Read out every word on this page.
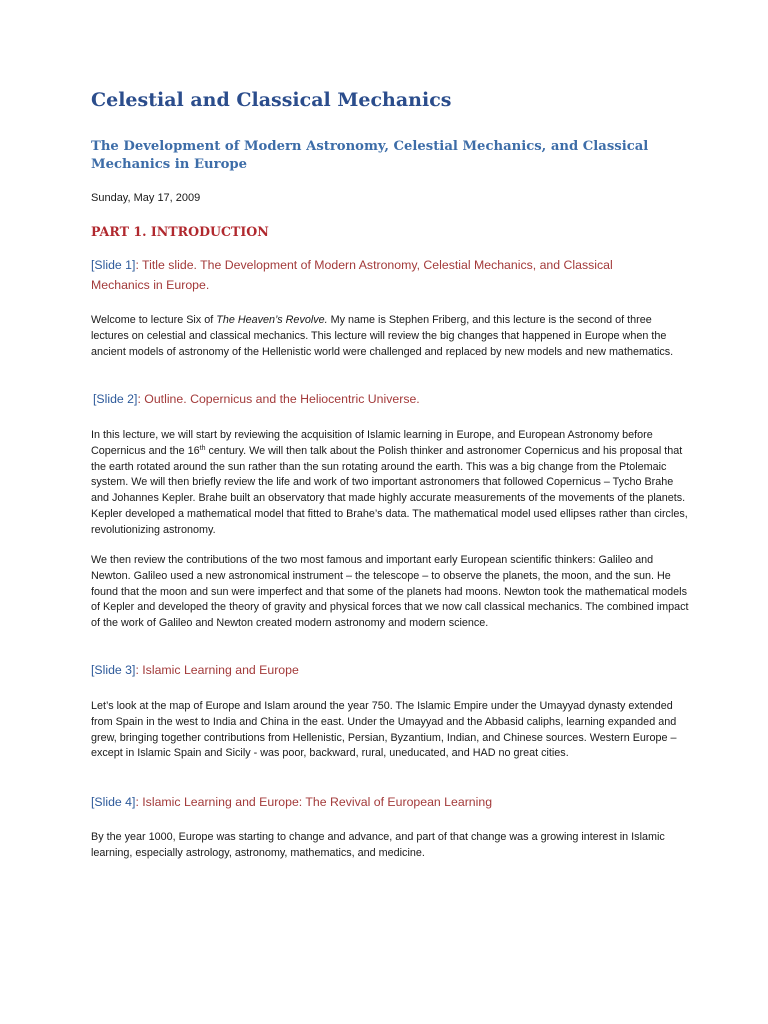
Celestial and Classical Mechanics
The Development of Modern Astronomy, Celestial Mechanics, and Classical Mechanics in Europe
Sunday, May 17, 2009
PART 1. INTRODUCTION

[Slide 1]: Title slide. The Development of Modern Astronomy, Celestial Mechanics, and Classical Mechanics in Europe.

Welcome to lecture Six of The Heaven’s Revolve. My name is Stephen Friberg, and this lecture is the second of three lectures on celestial and classical mechanics. This lecture will review the big changes that happened in Europe when the ancient models of astronomy of the Hellenistic world were challenged and replaced by new models and new mathematics.

[Slide 2]: Outline. Copernicus and the Heliocentric Universe.

In this lecture, we will start by reviewing the acquisition of Islamic learning in Europe, and European Astronomy before Copernicus and the 16th century. We will then talk about the Polish thinker and astronomer Copernicus and his proposal that the earth rotated around the sun rather than the sun rotating around the earth. This was a big change from the Ptolemaic system. We will then briefly review the life and work of two important astronomers that followed Copernicus – Tycho Brahe and Johannes Kepler. Brahe built an observatory that made highly accurate measurements of the movements of the planets. Kepler developed a mathematical model that fitted to Brahe’s data. The mathematical model used ellipses rather than circles, revolutionizing astronomy.

We then review the contributions of the two most famous and important early European scientific thinkers: Galileo and Newton. Galileo used a new astronomical instrument – the telescope – to observe the planets, the moon, and the sun. He found that the moon and sun were imperfect and that some of the planets had moons. Newton took the mathematical models of Kepler and developed the theory of gravity and physical forces that we now call classical mechanics. The combined impact of the work of Galileo and Newton created modern astronomy and modern science.

[Slide 3]: Islamic Learning and Europe

Let’s look at the map of Europe and Islam around the year 750. The Islamic Empire under the Umayyad dynasty extended from Spain in the west to India and China in the east. Under the Umayyad and the Abbasid caliphs, learning expanded and grew, bringing together contributions from Hellenistic, Persian, Byzantium, Indian, and Chinese sources. Western Europe – except in Islamic Spain and Sicily - was poor, backward, rural, uneducated, and HAD no great cities.

[Slide 4]: Islamic Learning and Europe: The Revival of European Learning

By the year 1000, Europe was starting to change and advance, and part of that change was a growing interest in Islamic learning, especially astrology, astronomy, mathematics, and medicine.
